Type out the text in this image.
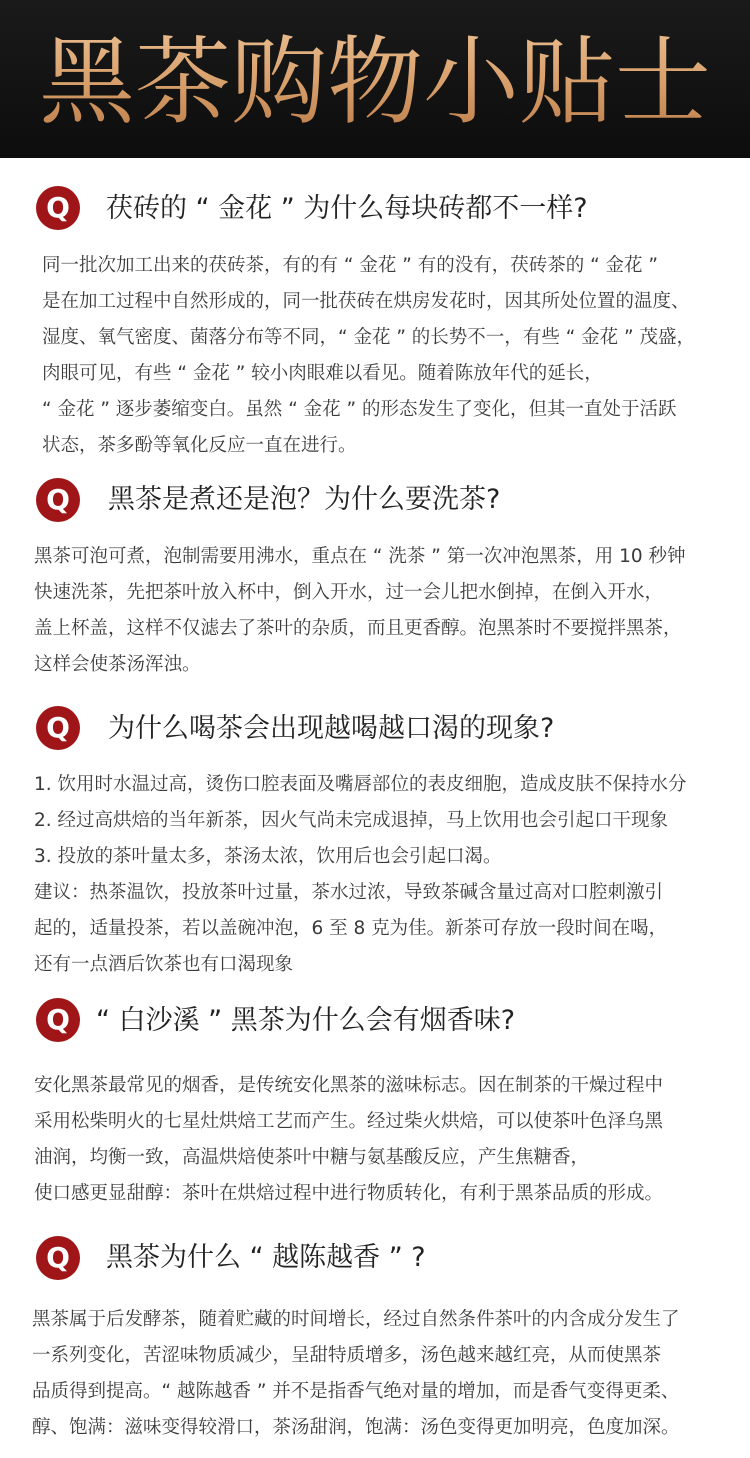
黑茶购物小贴士
Q 茯砖的 “ 金花 ” 为什么每块砖都不一样?

同一批次加工出来的茯砖茶，有的有 “ 金花 ” 有的没有，茯砖茶的 “ 金花 ”

是在加工过程中自然形成的，同一批茯砖在烘房发花时，因其所处位置的温度、

湿度、氧气密度、菌落分布等不同，“ 金花 ” 的长势不一，有些 “ 金花 ” 茂盛，

肉眼可见，有些 “ 金花 ” 较小肉眼难以看见。随着陈放年代的延长，

“ 金花 ” 逐步萎缩变白。虽然 “ 金花 ” 的形态发生了变化，但其一直处于活跃

状态，茶多酚等氧化反应一直在进行。

Q 黑茶是煮还是泡？为什么要洗茶?

黑茶可泡可煮，泡制需要用沸水，重点在 “ 洗茶 ” 第一次冲泡黑茶，用 10 秒钟

快速洗茶，先把茶叶放入杯中，倒入开水，过一会儿把水倒掉，在倒入开水，

盖上杯盖，这样不仅滤去了茶叶的杂质，而且更香醇。泡黑茶时不要搅拌黑茶，

这样会使茶汤浑浊。

Q 为什么喝茶会出现越喝越口渴的现象?

1. 饮用时水温过高，烫伤口腔表面及嘴唇部位的表皮细胞，造成皮肤不保持水分

2. 经过高烘焙的当年新茶，因火气尚未完成退掉，马上饮用也会引起口干现象

3. 投放的茶叶量太多，茶汤太浓，饮用后也会引起口渴。

建议：热茶温饮，投放茶叶过量，茶水过浓，导致茶碱含量过高对口腔刺激引

起的，适量投茶，若以盖碗冲泡，6 至 8 克为佳。新茶可存放一段时间在喝，

还有一点酒后饮茶也有口渴现象

Q “ 白沙溪 ” 黑茶为什么会有烟香味?

安化黑茶最常见的烟香，是传统安化黑茶的滋味标志。因在制茶的干燥过程中

采用松柴明火的七星灶烘焙工艺而产生。经过柴火烘焙，可以使茶叶色泽乌黑

油润，均衡一致，高温烘焙使茶叶中糖与氨基酸反应，产生焦糖香，

使口感更显甜醇：茶叶在烘焙过程中进行物质转化，有利于黑茶品质的形成。

Q 黑茶为什么 “ 越陈越香 ” ?

黑茶属于后发酵茶，随着贮藏的时间增长，经过自然条件茶叶的内含成分发生了

一系列变化，苦涩味物质减少，呈甜特质增多，汤色越来越红亮，从而使黑茶

品质得到提高。“ 越陈越香 ” 并不是指香气绝对量的增加，而是香气变得更柔、

醇、饱满：滋味变得较滑口，茶汤甜润，饱满：汤色变得更加明亮，色度加深。
